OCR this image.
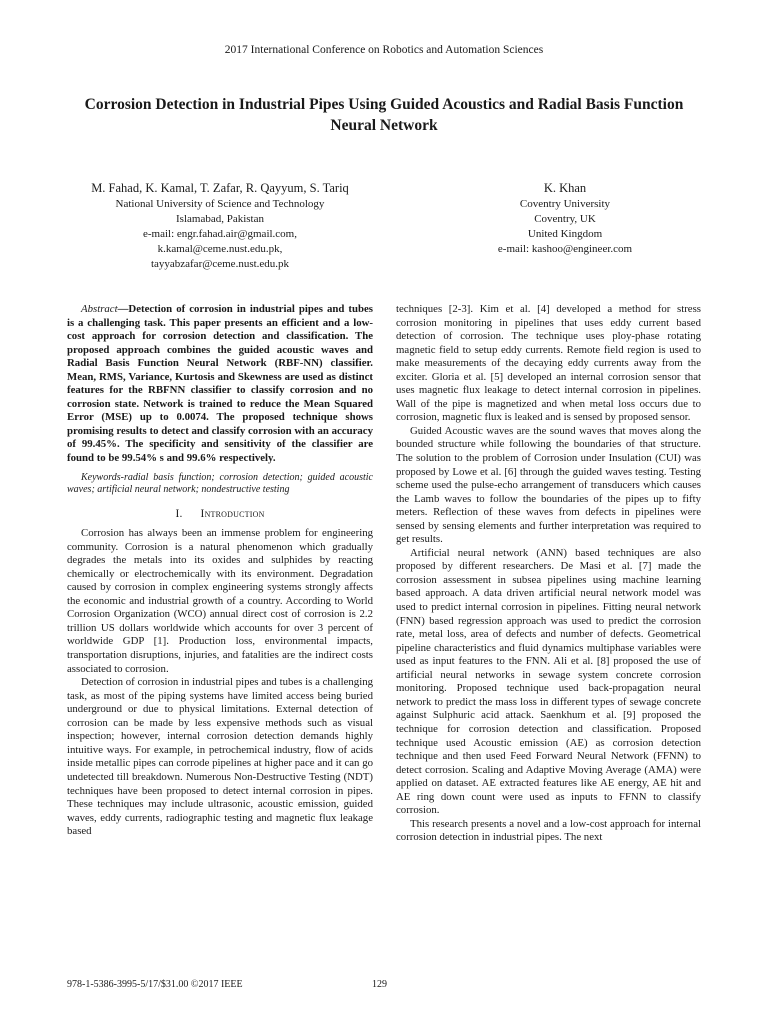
2017 International Conference on Robotics and Automation Sciences
Corrosion Detection in Industrial Pipes Using Guided Acoustics and Radial Basis Function Neural Network
M. Fahad, K. Kamal, T. Zafar, R. Qayyum, S. Tariq
National University of Science and Technology
Islamabad, Pakistan
e-mail: engr.fahad.air@gmail.com,
k.kamal@ceme.nust.edu.pk,
tayyabzafar@ceme.nust.edu.pk
K. Khan
Coventry University
Coventry, UK
United Kingdom
e-mail: kashoo@engineer.com

Abstract—Detection of corrosion in industrial pipes and tubes is a challenging task. This paper presents an efficient and a low-cost approach for corrosion detection and classification. The proposed approach combines the guided acoustic waves and Radial Basis Function Neural Network (RBF-NN) classifier. Mean, RMS, Variance, Kurtosis and Skewness are used as distinct features for the RBFNN classifier to classify corrosion and no corrosion state. Network is trained to reduce the Mean Squared Error (MSE) up to 0.0074. The proposed technique shows promising results to detect and classify corrosion with an accuracy of 99.45%. The specificity and sensitivity of the classifier are found to be 99.54% s and 99.6% respectively.

Keywords-radial basis function; corrosion detection; guided acoustic waves; artificial neural network; nondestructive testing

I. Introduction

Corrosion has always been an immense problem for engineering community. Corrosion is a natural phenomenon which gradually degrades the metals into its oxides and sulphides by reacting chemically or electrochemically with its environment. Degradation caused by corrosion in complex engineering systems strongly affects the economic and industrial growth of a country. According to World Corrosion Organization (WCO) annual direct cost of corrosion is 2.2 trillion US dollars worldwide which accounts for over 3 percent of worldwide GDP [1]. Production loss, environmental impacts, transportation disruptions, injuries, and fatalities are the indirect costs associated to corrosion.

Detection of corrosion in industrial pipes and tubes is a challenging task, as most of the piping systems have limited access being buried underground or due to physical limitations. External detection of corrosion can be made by less expensive methods such as visual inspection; however, internal corrosion detection demands highly intuitive ways. For example, in petrochemical industry, flow of acids inside metallic pipes can corrode pipelines at higher pace and it can go undetected till breakdown. Numerous Non-Destructive Testing (NDT) techniques have been proposed to detect internal corrosion in pipes. These techniques may include ultrasonic, acoustic emission, guided waves, eddy currents, radiographic testing and magnetic flux leakage based

techniques [2-3]. Kim et al. [4] developed a method for stress corrosion monitoring in pipelines that uses eddy current based detection of corrosion. The technique uses ploy-phase rotating magnetic field to setup eddy currents. Remote field region is used to make measurements of the decaying eddy currents away from the exciter. Gloria et al. [5] developed an internal corrosion sensor that uses magnetic flux leakage to detect internal corrosion in pipelines. Wall of the pipe is magnetized and when metal loss occurs due to corrosion, magnetic flux is leaked and is sensed by proposed sensor.

Guided Acoustic waves are the sound waves that moves along the bounded structure while following the boundaries of that structure. The solution to the problem of Corrosion under Insulation (CUI) was proposed by Lowe et al. [6] through the guided waves testing. Testing scheme used the pulse-echo arrangement of transducers which causes the Lamb waves to follow the boundaries of the pipes up to fifty meters. Reflection of these waves from defects in pipelines were sensed by sensing elements and further interpretation was required to get results.

Artificial neural network (ANN) based techniques are also proposed by different researchers. De Masi et al. [7] made the corrosion assessment in subsea pipelines using machine learning based approach. A data driven artificial neural network model was used to predict internal corrosion in pipelines. Fitting neural network (FNN) based regression approach was used to predict the corrosion rate, metal loss, area of defects and number of defects. Geometrical pipeline characteristics and fluid dynamics multiphase variables were used as input features to the FNN. Ali et al. [8] proposed the use of artificial neural networks in sewage system concrete corrosion monitoring. Proposed technique used back-propagation neural network to predict the mass loss in different types of sewage concrete against Sulphuric acid attack. Saenkhum et al. [9] proposed the technique for corrosion detection and classification. Proposed technique used Acoustic emission (AE) as corrosion detection technique and then used Feed Forward Neural Network (FFNN) to detect corrosion. Scaling and Adaptive Moving Average (AMA) were applied on dataset. AE extracted features like AE energy, AE hit and AE ring down count were used as inputs to FFNN to classify corrosion.

This research presents a novel and a low-cost approach for internal corrosion detection in industrial pipes. The next

978-1-5386-3995-5/17/$31.00 ©2017 IEEE	129
